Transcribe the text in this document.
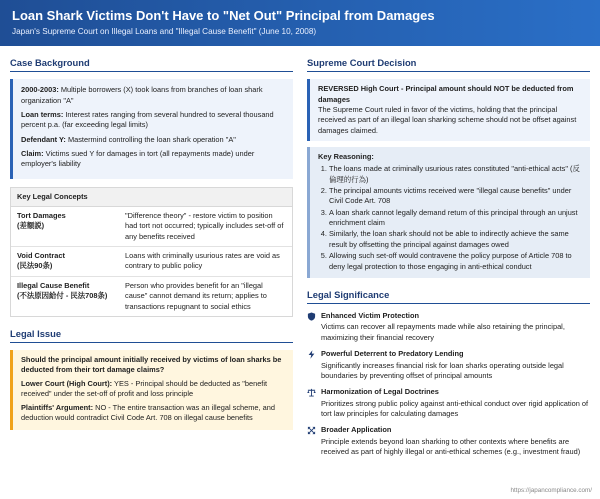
Loan Shark Victims Don't Have to "Net Out" Principal from Damages
Japan's Supreme Court on Illegal Loans and "Illegal Cause Benefit" (June 10, 2008)
Case Background

2000-2003: Multiple borrowers (X) took loans from branches of loan shark organization "A"

Loan terms: Interest rates ranging from several hundred to several thousand percent p.a. (far exceeding legal limits)

Defendant Y: Mastermind controlling the loan shark operation "A"

Claim: Victims sued Y for damages in tort (all repayments made) under employer's liability

Key Legal Concepts
Tort Damages
(差額説)
"Difference theory" - restore victim to position had tort not occurred; typically includes set-off of any benefits received
Void Contract
(民法90条)
Loans with criminally usurious rates are void as contrary to public policy
Illegal Cause Benefit
(不法原因給付 - 民法708条)
Person who provides benefit for an "illegal cause" cannot demand its return; applies to transactions repugnant to social ethics
Legal Issue

Should the principal amount initially received by victims of loan sharks be deducted from their tort damage claims?

Lower Court (High Court): YES - Principal should be deducted as "benefit received" under the set-off of profit and loss principle

Plaintiffs' Argument: NO - The entire transaction was an illegal scheme, and deduction would contradict Civil Code Art. 708 on illegal cause benefits

Supreme Court Decision
REVERSED High Court - Principal amount should NOT be deducted from damages
The Supreme Court ruled in favor of the victims, holding that the principal received as part of an illegal loan sharking scheme should not be offset against damages claimed.
Key Reasoning:
1. The loans made at criminally usurious rates constituted "anti-ethical acts" (反倫理的行為)
2. The principal amounts victims received were "illegal cause benefits" under Civil Code Art. 708
3. A loan shark cannot legally demand return of this principal through an unjust enrichment claim
4. Similarly, the loan shark should not be able to indirectly achieve the same result by offsetting the principal against damages owed
5. Allowing such set-off would contravene the policy purpose of Article 708 to deny legal protection to those engaging in anti-ethical conduct
Legal Significance
Enhanced Victim Protection
Victims can recover all repayments made while also retaining the principal, maximizing their financial recovery
Powerful Deterrent to Predatory Lending
Significantly increases financial risk for loan sharks operating outside legal boundaries by preventing offset of principal amounts
Harmonization of Legal Doctrines
Prioritizes strong public policy against anti-ethical conduct over rigid application of tort law principles for calculating damages
Broader Application
Principle extends beyond loan sharking to other contexts where benefits are received as part of highly illegal or anti-ethical schemes (e.g., investment fraud)
https://japancompliance.com/
